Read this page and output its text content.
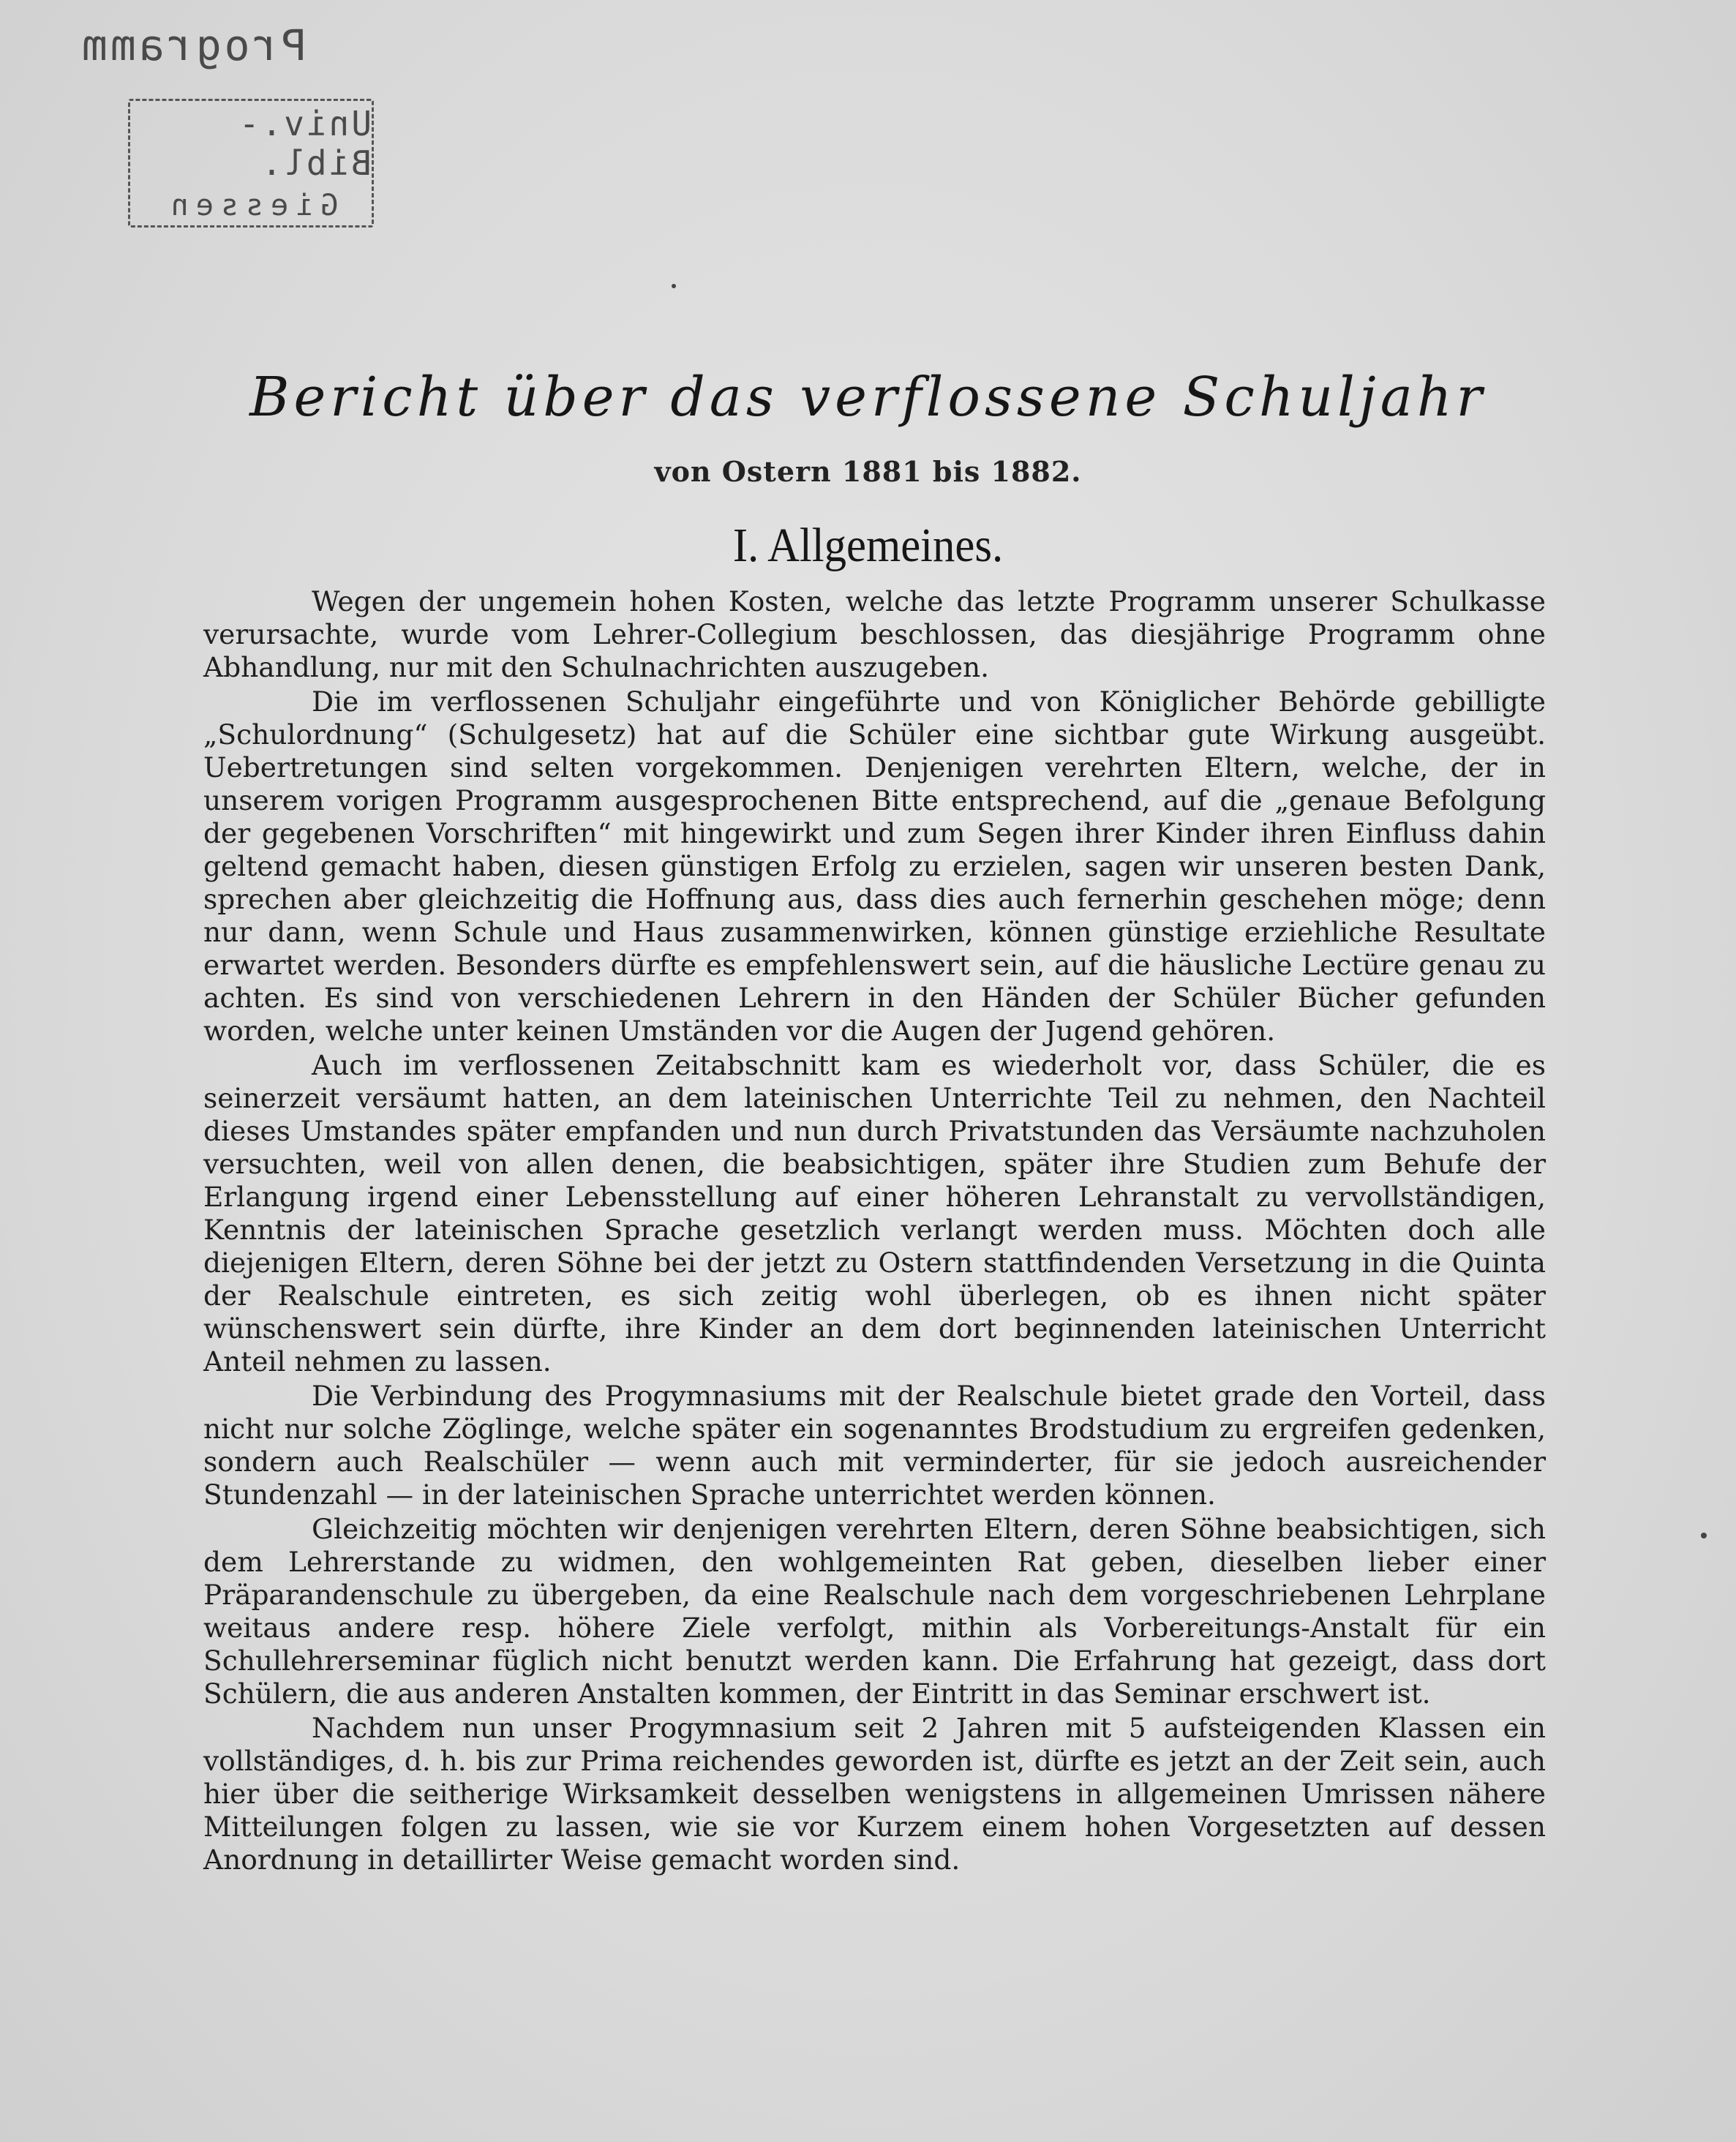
Programm
Univ.-Bibl.
Giessen
Bericht über das verflossene Schuljahr
von Ostern 1881 bis 1882.
I. Allgemeines.

Wegen der ungemein hohen Kosten, welche das letzte Programm unserer Schulkasse verursachte, wurde vom Lehrer-Collegium beschlossen, das diesjährige Programm ohne Abhandlung, nur mit den Schulnachrichten auszugeben.

Die im verflossenen Schuljahr eingeführte und von Königlicher Behörde gebilligte „Schulordnung“ (Schulgesetz) hat auf die Schüler eine sichtbar gute Wirkung ausgeübt. Uebertretungen sind selten vorgekommen. Denjenigen verehrten Eltern, welche, der in unserem vorigen Programm ausgesprochenen Bitte entsprechend, auf die „genaue Befolgung der gegebenen Vorschriften“ mit hingewirkt und zum Segen ihrer Kinder ihren Einfluss dahin geltend gemacht haben, diesen günstigen Erfolg zu erzielen, sagen wir unseren besten Dank, sprechen aber gleichzeitig die Hoffnung aus, dass dies auch fernerhin geschehen möge; denn nur dann, wenn Schule und Haus zusammenwirken, können günstige erziehliche Resultate erwartet werden. Besonders dürfte es empfehlenswert sein, auf die häusliche Lectüre genau zu achten. Es sind von verschiedenen Lehrern in den Händen der Schüler Bücher gefunden worden, welche unter keinen Umständen vor die Augen der Jugend gehören.

Auch im verflossenen Zeitabschnitt kam es wiederholt vor, dass Schüler, die es seinerzeit versäumt hatten, an dem lateinischen Unterrichte Teil zu nehmen, den Nachteil dieses Umstandes später empfanden und nun durch Privatstunden das Versäumte nachzuholen versuchten, weil von allen denen, die beabsichtigen, später ihre Studien zum Behufe der Erlangung irgend einer Lebensstellung auf einer höheren Lehranstalt zu vervollständigen, Kenntnis der lateinischen Sprache gesetzlich verlangt werden muss. Möchten doch alle diejenigen Eltern, deren Söhne bei der jetzt zu Ostern stattfindenden Versetzung in die Quinta der Realschule eintreten, es sich zeitig wohl überlegen, ob es ihnen nicht später wünschenswert sein dürfte, ihre Kinder an dem dort beginnenden lateinischen Unterricht Anteil nehmen zu lassen.

Die Verbindung des Progymnasiums mit der Realschule bietet grade den Vorteil, dass nicht nur solche Zöglinge, welche später ein sogenanntes Brodstudium zu ergreifen gedenken, sondern auch Realschüler — wenn auch mit verminderter, für sie jedoch ausreichender Stundenzahl — in der lateinischen Sprache unterrichtet werden können.

Gleichzeitig möchten wir denjenigen verehrten Eltern, deren Söhne beabsichtigen, sich dem Lehrerstande zu widmen, den wohlgemeinten Rat geben, dieselben lieber einer Präparandenschule zu übergeben, da eine Realschule nach dem vorgeschriebenen Lehrplane weitaus andere resp. höhere Ziele verfolgt, mithin als Vorbereitungs-Anstalt für ein Schullehrerseminar füglich nicht benutzt werden kann. Die Erfahrung hat gezeigt, dass dort Schülern, die aus anderen Anstalten kommen, der Eintritt in das Seminar erschwert ist.

Nachdem nun unser Progymnasium seit 2 Jahren mit 5 aufsteigenden Klassen ein vollständiges, d. h. bis zur Prima reichendes geworden ist, dürfte es jetzt an der Zeit sein, auch hier über die seitherige Wirksamkeit desselben wenigstens in allgemeinen Umrissen nähere Mitteilungen folgen zu lassen, wie sie vor Kurzem einem hohen Vorgesetzten auf dessen Anordnung in detaillirter Weise gemacht worden sind.
